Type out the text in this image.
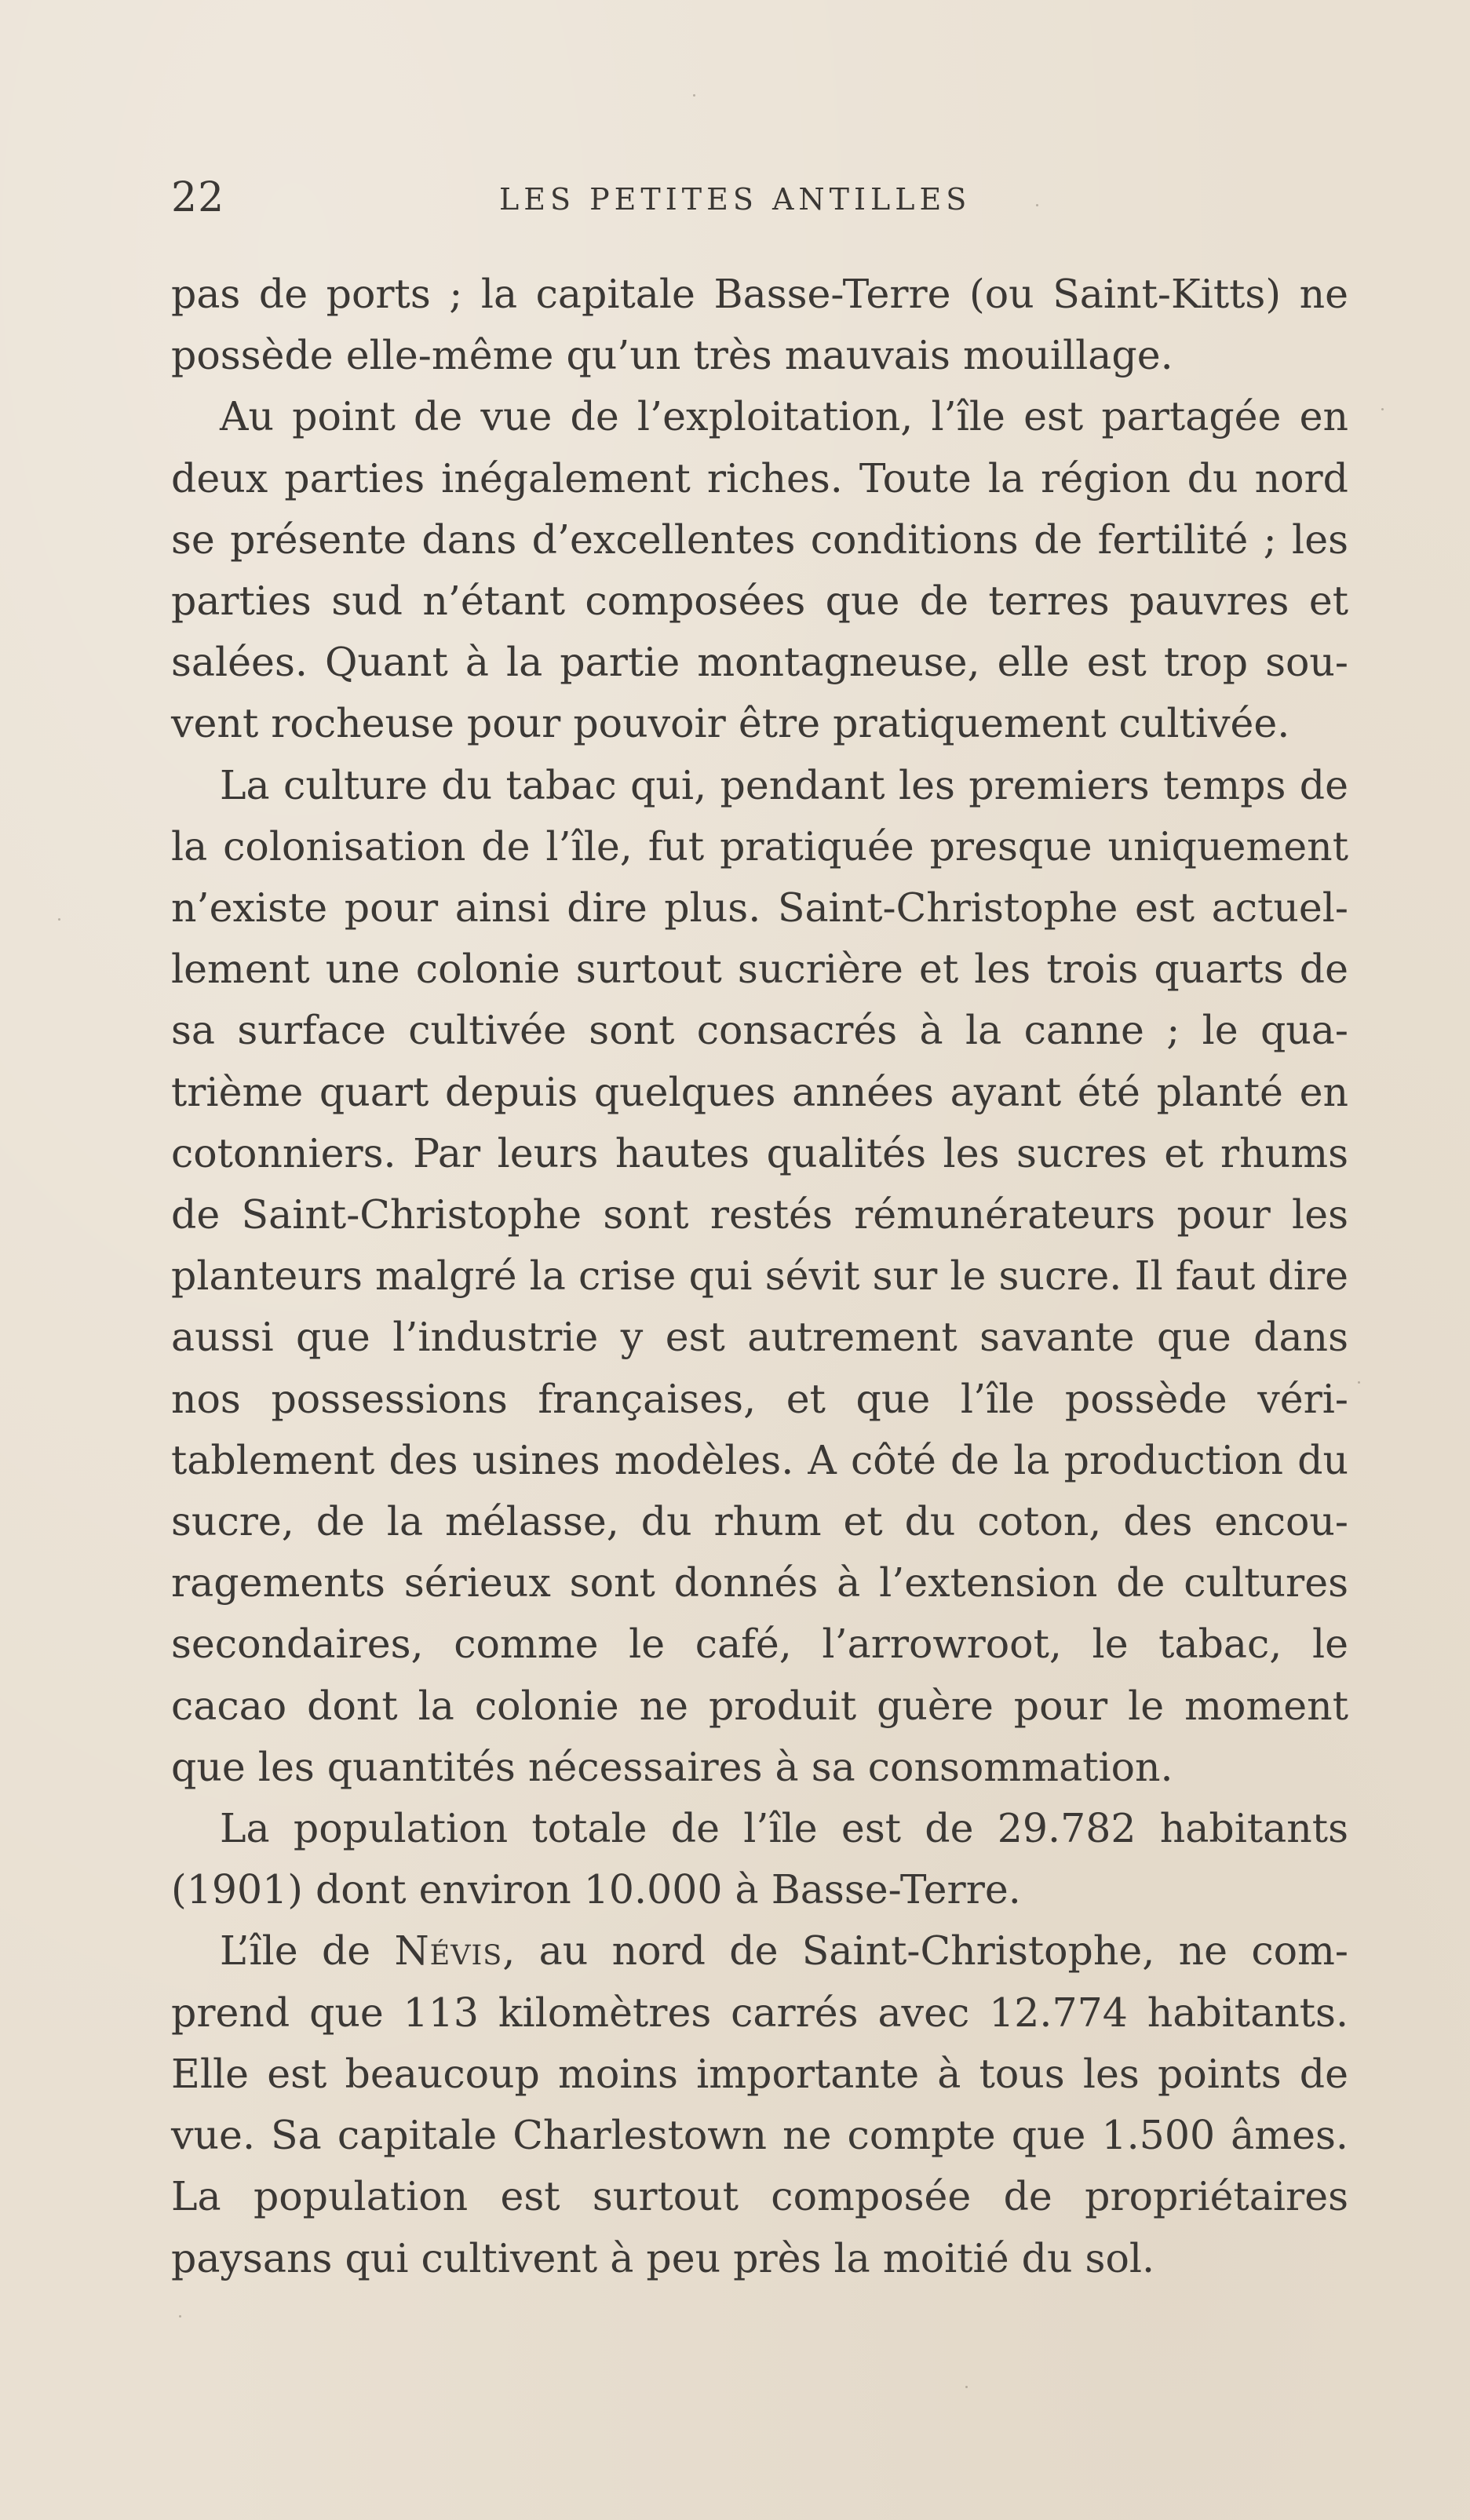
22	LES PETITES ANTILLES

pas de ports ; la capitale Basse-Terre (ou Saint-Kitts) ne possède elle-même qu’un très mauvais mouillage.

Au point de vue de l’exploitation, l’île est partagée en deux parties inégalement riches. Toute la région du nord se présente dans d’excellentes conditions de fertilité ; les parties sud n’étant composées que de terres pauvres et salées. Quant à la partie montagneuse, elle est trop souvent rocheuse pour pouvoir être pratiquement cultivée.

La culture du tabac qui, pendant les premiers temps de la colonisation de l’île, fut pratiquée presque uniquement n’existe pour ainsi dire plus. Saint-Christophe est actuellement une colonie surtout sucrière et les trois quarts de sa surface cultivée sont consacrés à la canne ; le quatrième quart depuis quelques années ayant été planté en cotonniers. Par leurs hautes qualités les sucres et rhums de Saint-Christophe sont restés rémunérateurs pour les planteurs malgré la crise qui sévit sur le sucre. Il faut dire aussi que l’industrie y est autrement savante que dans nos possessions françaises, et que l’île possède véritablement des usines modèles. A côté de la production du sucre, de la mélasse, du rhum et du coton, des encouragements sérieux sont donnés à l’extension de cultures secondaires, comme le café, l’arrowroot, le tabac, le cacao dont la colonie ne produit guère pour le moment que les quantités nécessaires à sa consommation.

La population totale de l’île est de 29.782 habitants (1901) dont environ 10.000 à Basse-Terre.

L’île de Névis, au nord de Saint-Christophe, ne comprend que 113 kilomètres carrés avec 12.774 habitants. Elle est beaucoup moins importante à tous les points de vue. Sa capitale Charlestown ne compte que 1.500 âmes. La population est surtout composée de propriétaires paysans qui cultivent à peu près la moitié du sol.
